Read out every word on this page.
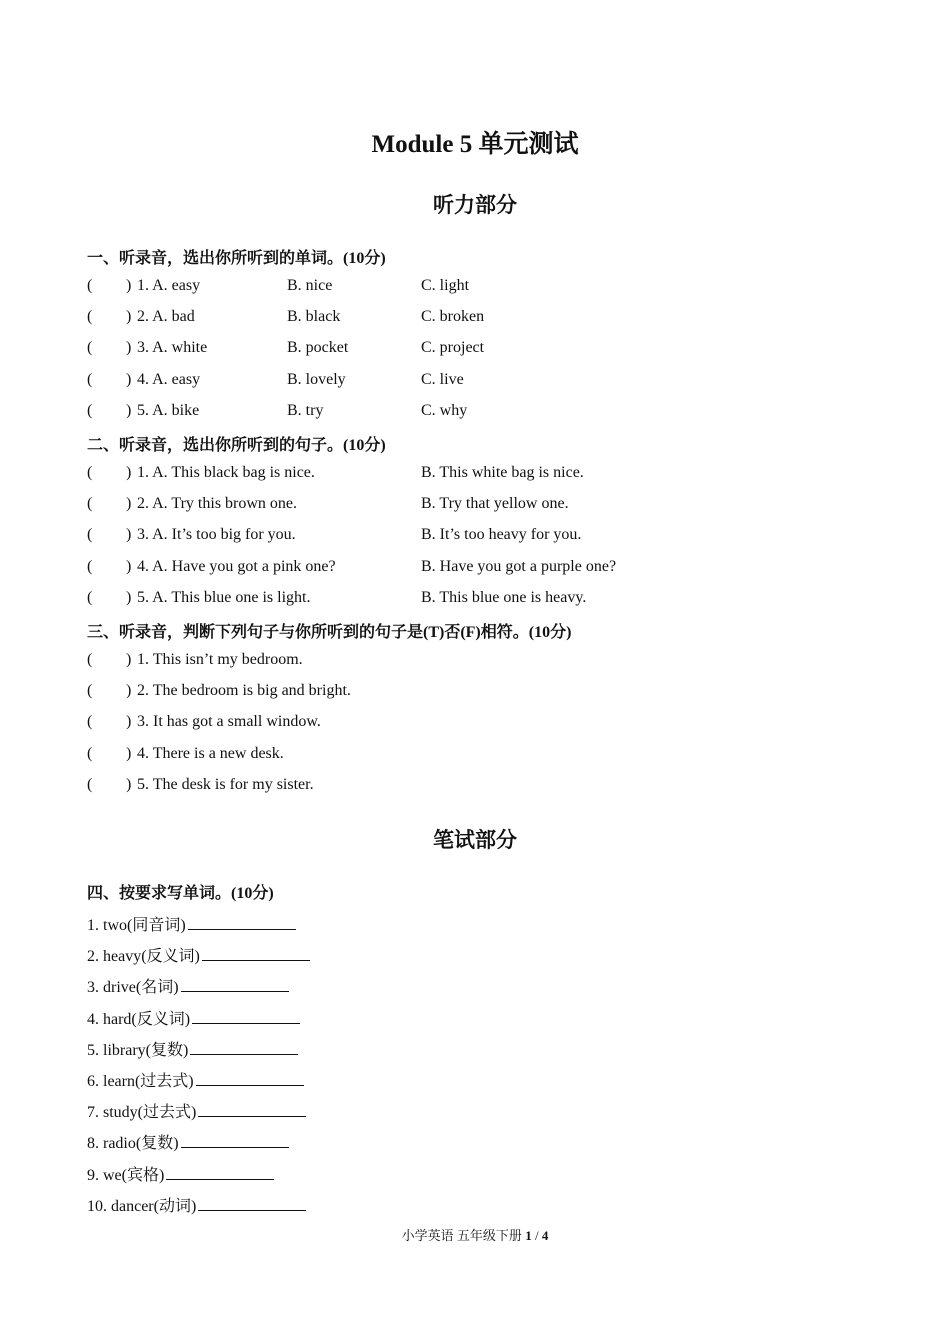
Module 5 单元测试
听力部分
一、听录音，选出你所听到的单词。(10分)
( ) 1. A. easy	B. nice	C. light
( ) 2. A. bad	B. black	C. broken
( ) 3. A. white	B. pocket	C. project
( ) 4. A. easy	B. lovely	C. live
( ) 5. A. bike	B. try	C. why
二、听录音，选出你所听到的句子。(10分)
( ) 1. A. This black bag is nice.	B. This white bag is nice.
( ) 2. A. Try this brown one.	B. Try that yellow one.
( ) 3. A. It’s too big for you.	B. It’s too heavy for you.
( ) 4. A. Have you got a pink one?	B. Have you got a purple one?
( ) 5. A. This blue one is light.	B. This blue one is heavy.
三、听录音，判断下列句子与你所听到的句子是(T)否(F)相符。(10分)
( ) 1. This isn’t my bedroom.
( ) 2. The bedroom is big and bright.
( ) 3. It has got a small window.
( ) 4. There is a new desk.
( ) 5. The desk is for my sister.
笔试部分
四、按要求写单词。(10分)
1. two(同音词)
2. heavy(反义词)
3. drive(名词)
4. hard(反义词)
5. library(复数)
6. learn(过去式)
7. study(过去式)
8. radio(复数)
9. we(宾格)
10. dancer(动词)
小学英语 五年级下册 1 / 4
